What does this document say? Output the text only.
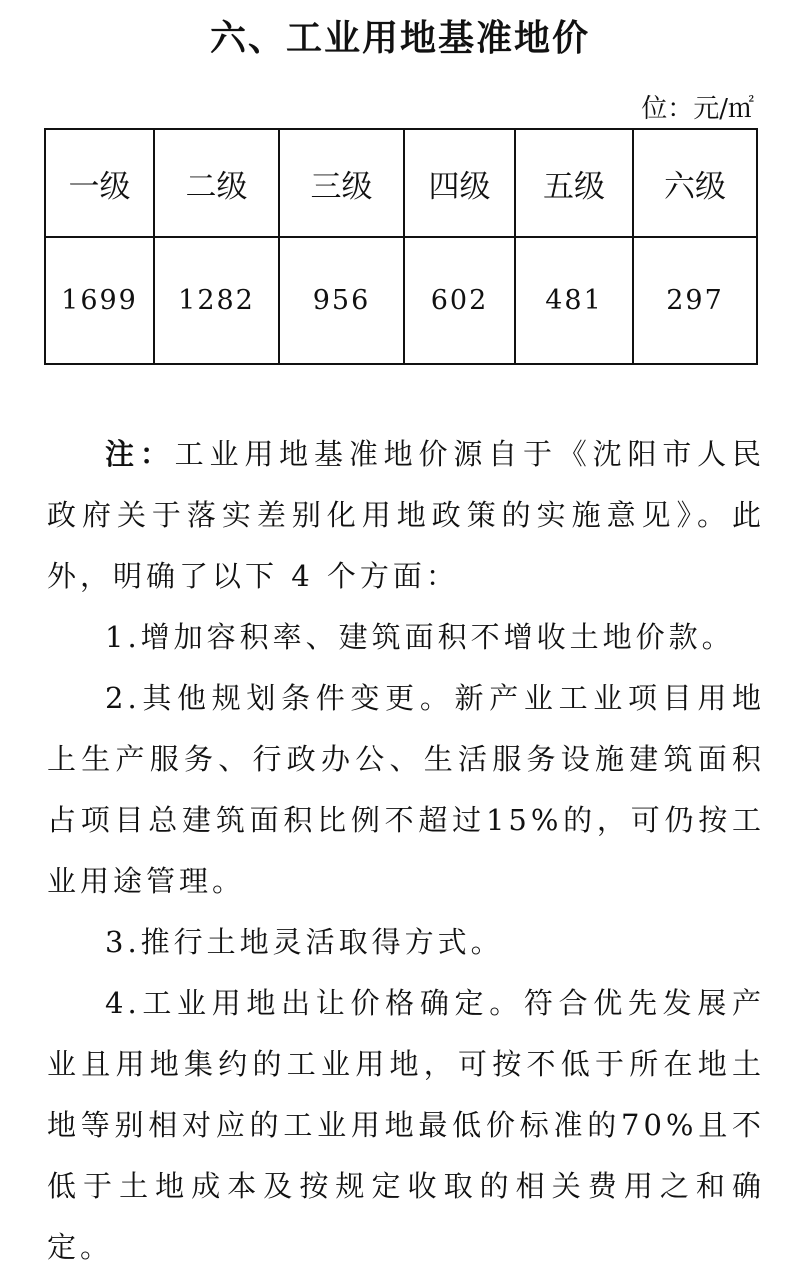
六、工业用地基准地价
位：元/㎡
一级	二级	三级	四级	五级	六级
1699	1282	956	602	481	297

注：工业用地基准地价源自于《沈阳市人民政府关于落实差别化用地政策的实施意见》。此外，明确了以下 4 个方面：

1.增加容积率、建筑面积不增收土地价款。

2.其他规划条件变更。新产业工业项目用地上生产服务、行政办公、生活服务设施建筑面积占项目总建筑面积比例不超过15%的，可仍按工业用途管理。

3.推行土地灵活取得方式。

4.工业用地出让价格确定。符合优先发展产业且用地集约的工业用地，可按不低于所在地土地等别相对应的工业用地最低价标准的70%且不低于土地成本及按规定收取的相关费用之和确定。
